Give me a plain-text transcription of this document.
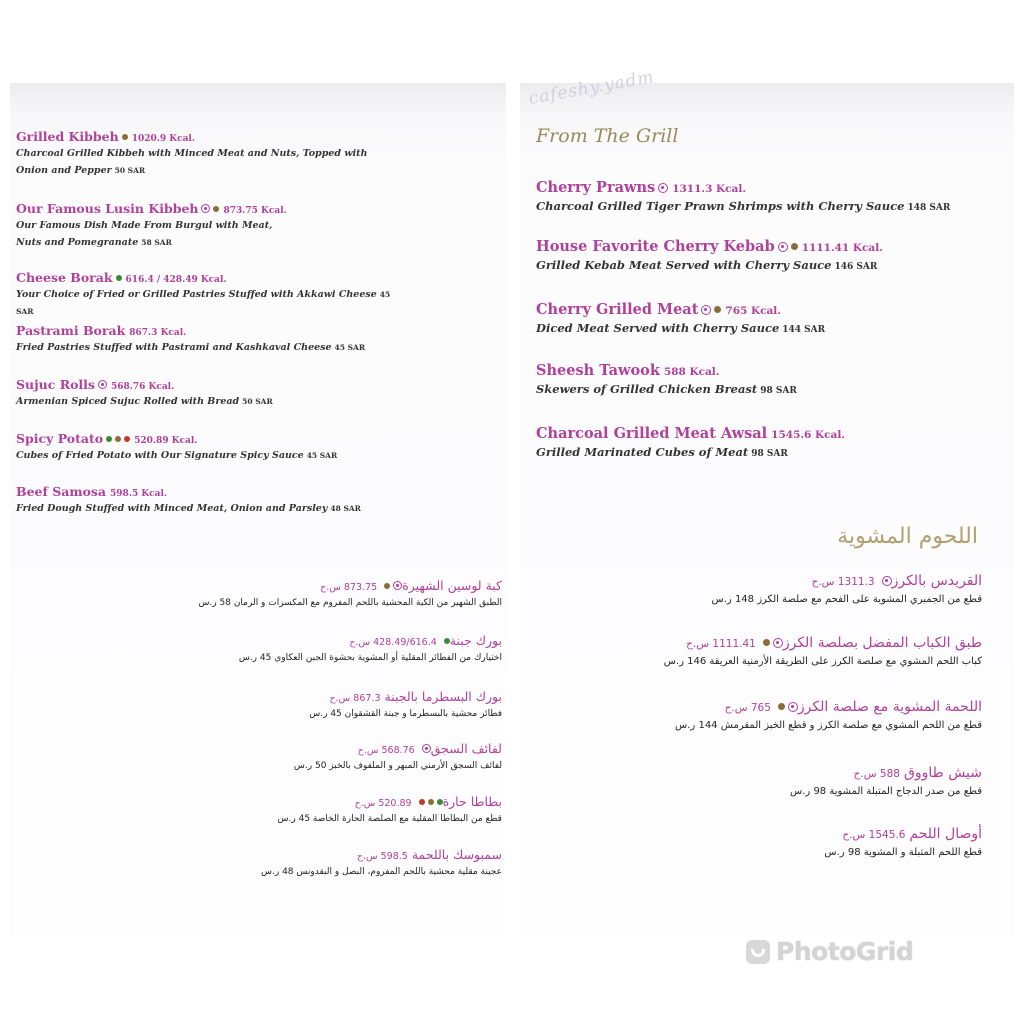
cafeshy.yadm
Grilled Kibbeh 1020.9 Kcal.
Charcoal Grilled Kibbeh with Minced Meat and Nuts, Topped with
Onion and Pepper 50 SAR
Our Famous Lusin Kibbeh	873.75 Kcal.
Our Famous Dish Made From Burgul with Meat,
Nuts and Pomegranate 58 SAR
Cheese Borak 616.4 / 428.49 Kcal.
Your Choice of Fried or Grilled Pastries Stuffed with Akkawi Cheese 45 SAR
Pastrami Borak 867.3 Kcal.
Fried Pastries Stuffed with Pastrami and Kashkaval Cheese 45 SAR
Sujuc Rolls 568.76 Kcal.
Armenian Spiced Sujuc Rolled with Bread 50 SAR
Spicy Potato	520.89 Kcal.
Cubes of Fried Potato with Our Signature Spicy Sauce 45 SAR
Beef Samosa 598.5 Kcal.
Fried Dough Stuffed with Minced Meat, Onion and Parsley 48 SAR
From The Grill
Cherry Prawns 1311.3 Kcal.
Charcoal Grilled Tiger Prawn Shrimps with Cherry Sauce 148 SAR
House Favorite Cherry Kebab	1111.41 Kcal.
Grilled Kebab Meat Served with Cherry Sauce 146 SAR
Cherry Grilled Meat	765 Kcal.
Diced Meat Served with Cherry Sauce 144 SAR
Sheesh Tawook 588 Kcal.
Skewers of Grilled Chicken Breast 98 SAR
Charcoal Grilled Meat Awsal 1545.6 Kcal.
Grilled Marinated Cubes of Meat 98 SAR
اللحوم المشوية
كبة لوسين الشهيرة873.75 س.ح
الطبق الشهير من الكبة المحشية باللحم المفروم مع المكسرات و الرمان 58 ر.س
بورك جبنة428.49/616.4 س.ح
اختيارك من الفطائر المقلية أو المشوية بحشوة الجبن العكاوي 45 ر.س
بورك البسطرما بالجبنة867.3 س.ح
فطائر محشية بالبسطرما و جبنة القشقوان 45 ر.س
لفائف السجق568.76 س.ح
لفائف السجق الأرمني المبهر و الملفوف بالخبز 50 ر.س
بطاطا حارة520.89 س.ح
قطع من البطاطا المقلية مع الصلصة الحارة الخاصة 45 ر.س
سمبوسك باللحمة598.5 س.ح
عجينة مقلية محشية باللحم المفروم، البصل و البقدونس 48 ر.س
القريدس بالكرز1311.3 س.ح
قطع من الجمبري المشوية على الفحم مع صلصة الكرز 148 ر.س
طبق الكباب المفضل بصلصة الكرز1111.41 س.ح
كباب اللحم المشوي مع صلصة الكرز على الطريقة الأرمنية العريقة 146 ر.س
اللحمة المشوية مع صلصة الكرز765 س.ح
قطع من اللحم المشوي مع صلصة الكرز و قطع الخبز المقرمش 144 ر.س
شيش طاووق588 س.ح
قطع من صدر الدجاج المتبلة المشوية 98 ر.س
أوصال اللحم1545.6 س.ح
قطع اللحم المتبلة و المشوية 98 ر.س
PhotoGrid
